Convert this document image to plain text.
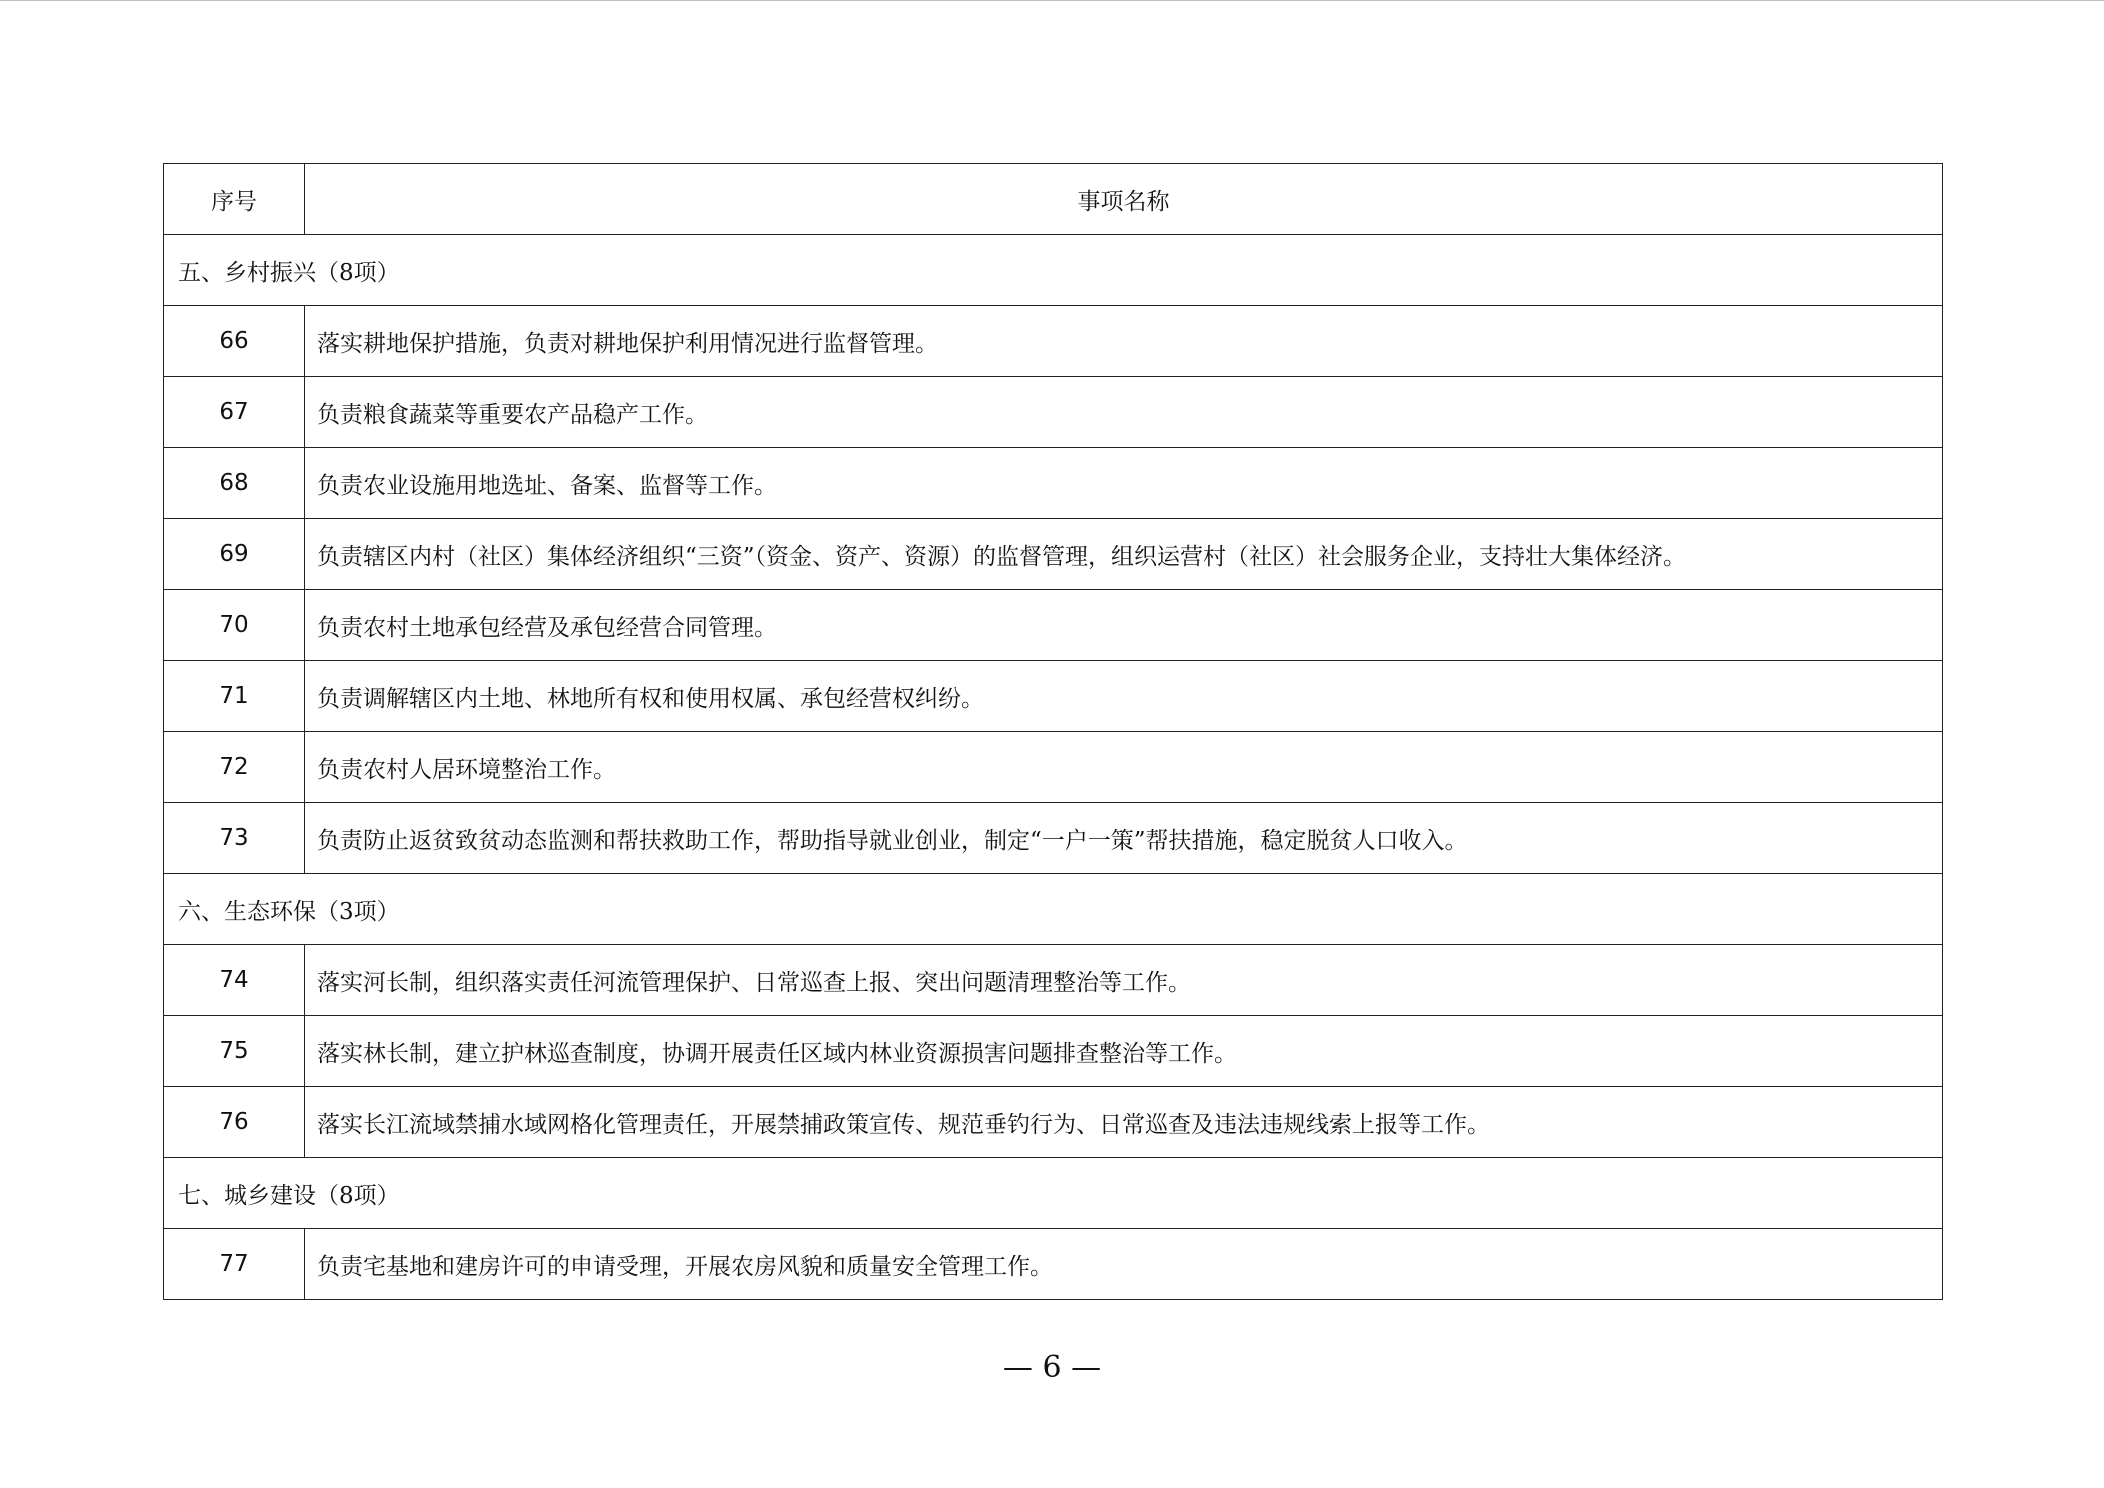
序号	事项名称
五、乡村振兴（8项）	
66	落实耕地保护措施，负责对耕地保护利用情况进行监督管理。
67	负责粮食蔬菜等重要农产品稳产工作。
68	负责农业设施用地选址、备案、监督等工作。
69	负责辖区内村（社区）集体经济组织“三资”（资金、资产、资源）的监督管理，组织运营村（社区）社会服务企业，支持壮大集体经济。
70	负责农村土地承包经营及承包经营合同管理。
71	负责调解辖区内土地、林地所有权和使用权属、承包经营权纠纷。
72	负责农村人居环境整治工作。
73	负责防止返贫致贫动态监测和帮扶救助工作，帮助指导就业创业，制定“一户一策”帮扶措施，稳定脱贫人口收入。
六、生态环保（3项）	
74	落实河长制，组织落实责任河流管理保护、日常巡查上报、突出问题清理整治等工作。
75	落实林长制，建立护林巡查制度，协调开展责任区域内林业资源损害问题排查整治等工作。
76	落实长江流域禁捕水域网格化管理责任，开展禁捕政策宣传、规范垂钓行为、日常巡查及违法违规线索上报等工作。
七、城乡建设（8项）	
77	负责宅基地和建房许可的申请受理，开展农房风貌和质量安全管理工作。
— 6 —
